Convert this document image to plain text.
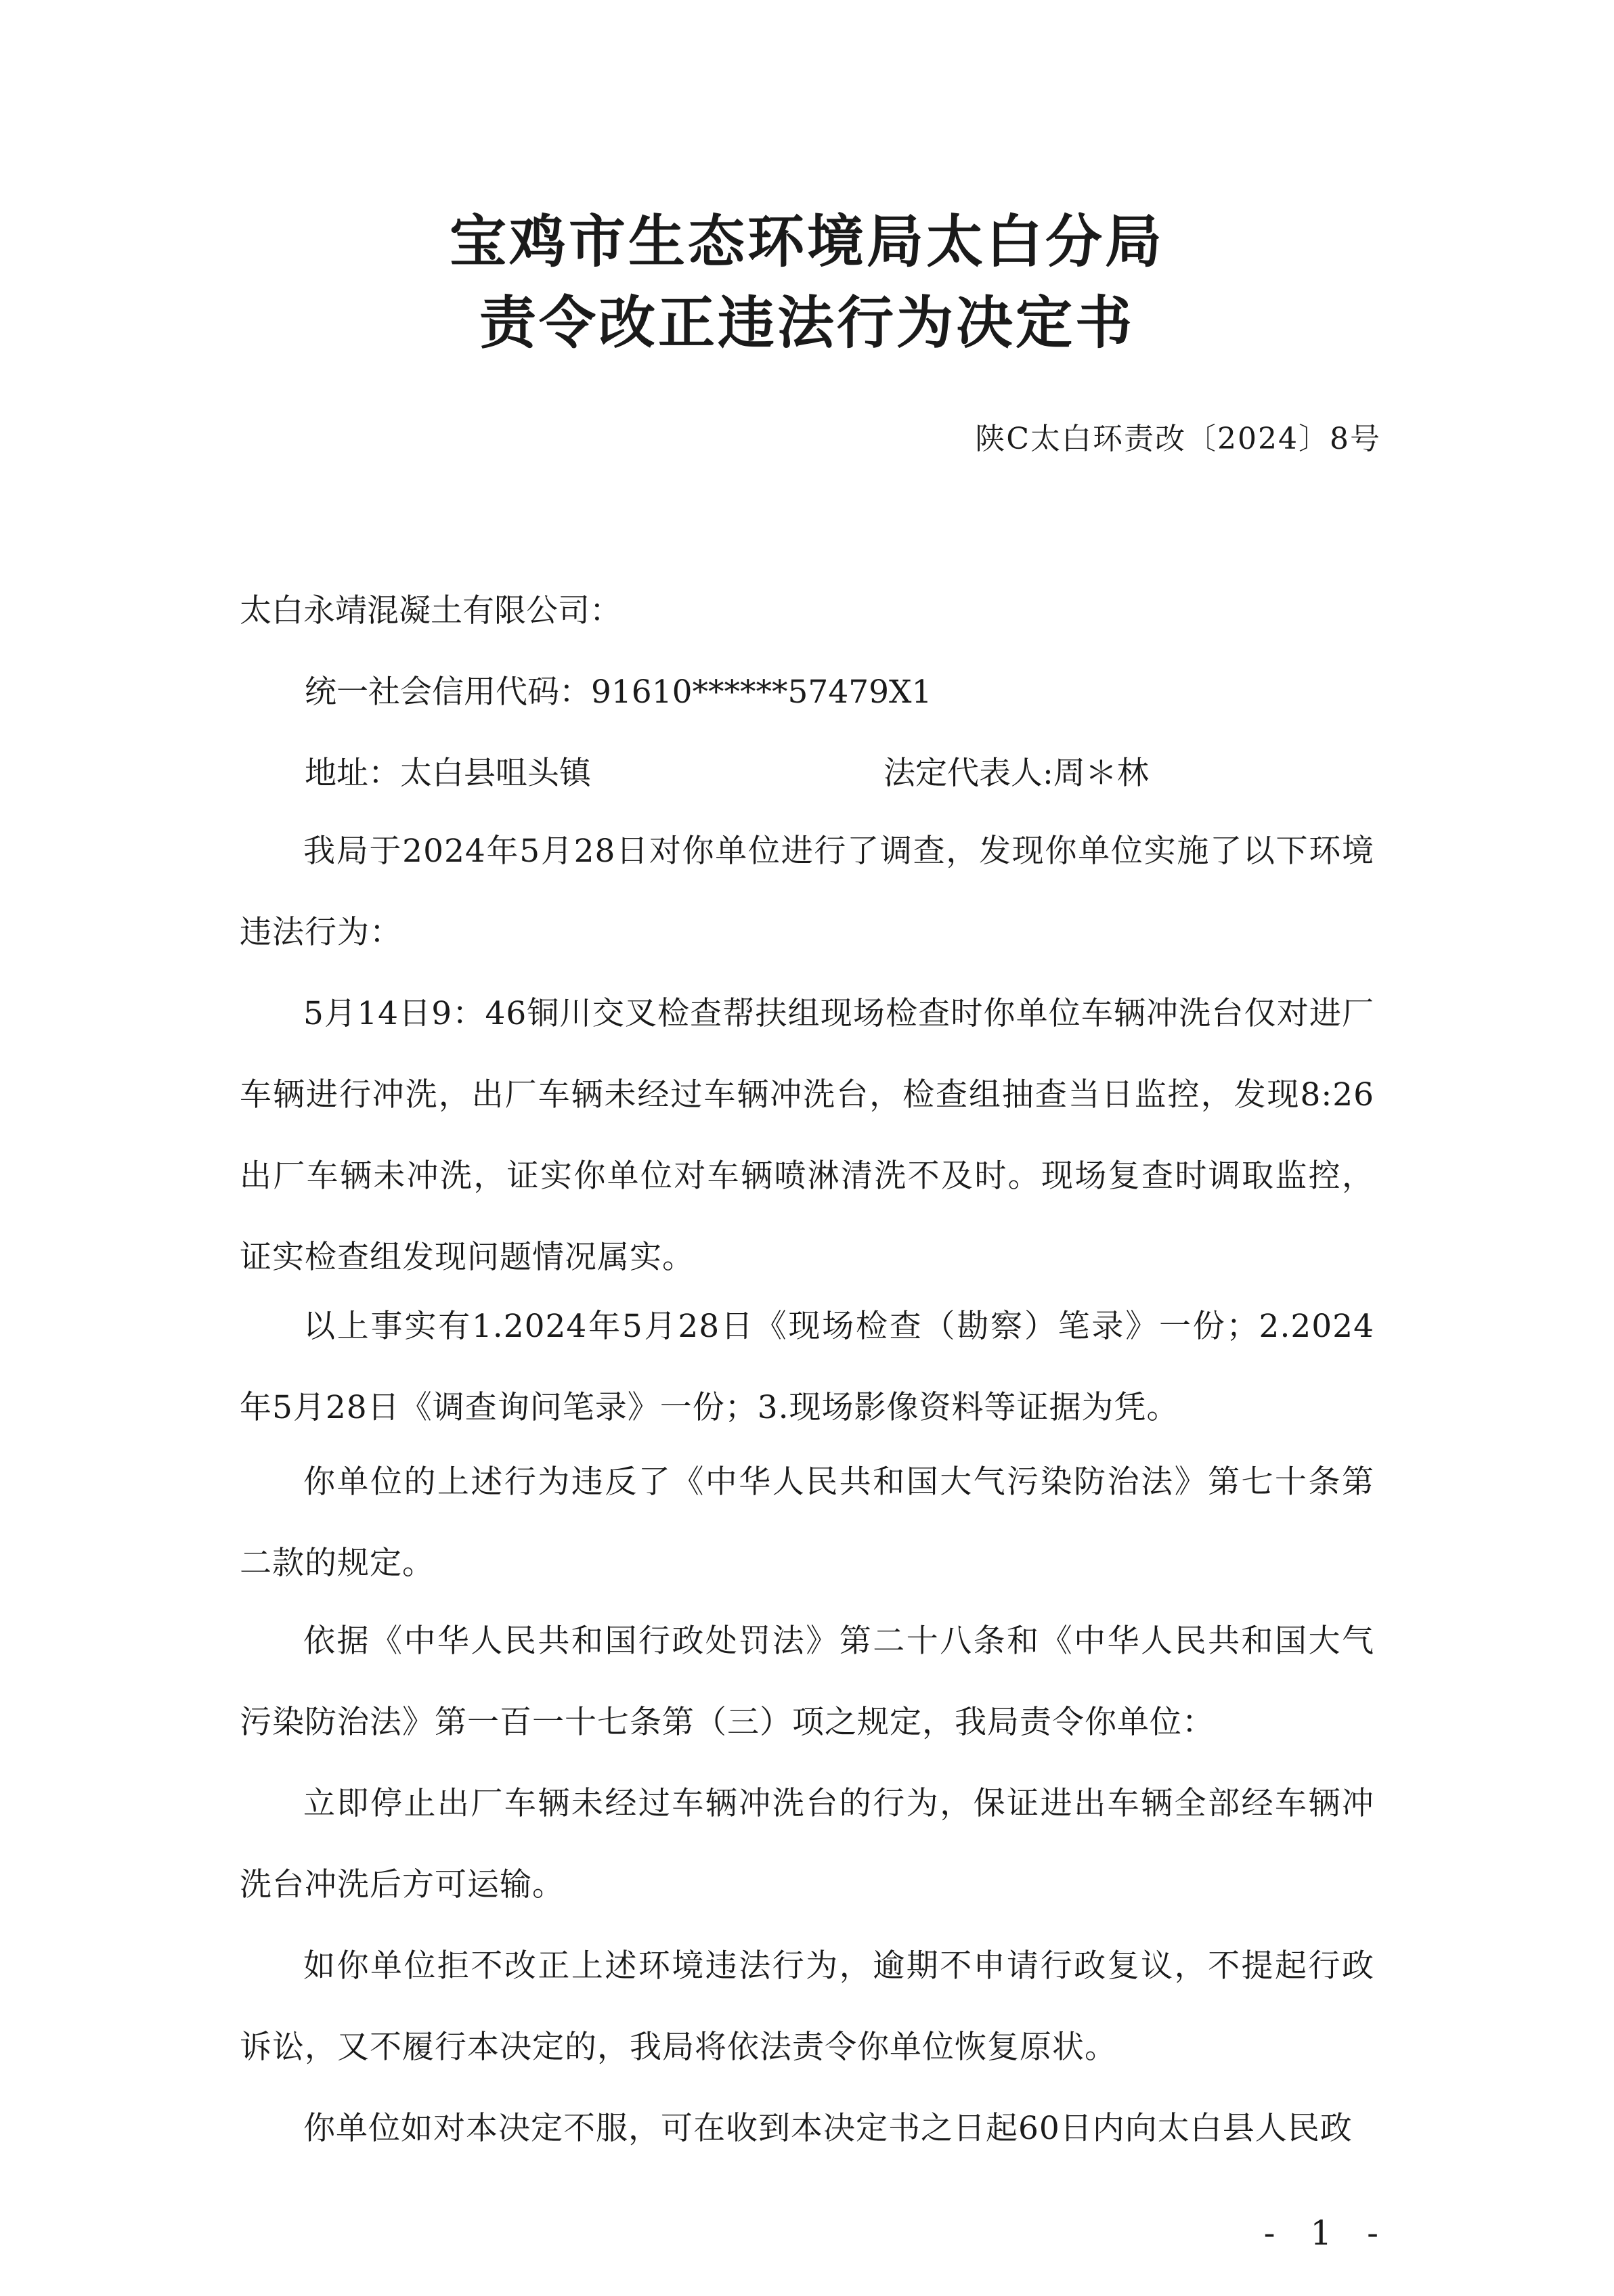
宝鸡市生态环境局太白分局
责令改正违法行为决定书
陕C太白环责改〔2024〕8号
太白永靖混凝土有限公司：
统一社会信用代码：91610******57479X1
地址：太白县咀头镇	法定代表人:周＊林

我局于2024年5月28日对你单位进行了调查，发现你单位实施了以下环境违法行为：

5月14日9：46铜川交叉检查帮扶组现场检查时你单位车辆冲洗台仅对进厂车辆进行冲洗，出厂车辆未经过车辆冲洗台，检查组抽查当日监控，发现8:26出厂车辆未冲洗，证实你单位对车辆喷淋清洗不及时。现场复查时调取监控，证实检查组发现问题情况属实。

以上事实有1.2024年5月28日《现场检查（勘察）笔录》一份；2.2024年5月28日《调查询问笔录》一份；3.现场影像资料等证据为凭。

你单位的上述行为违反了《中华人民共和国大气污染防治法》第七十条第二款的规定。

依据《中华人民共和国行政处罚法》第二十八条和《中华人民共和国大气污染防治法》第一百一十七条第（三）项之规定，我局责令你单位：

立即停止出厂车辆未经过车辆冲洗台的行为，保证进出车辆全部经车辆冲洗台冲洗后方可运输。

如你单位拒不改正上述环境违法行为，逾期不申请行政复议，不提起行政诉讼，又不履行本决定的，我局将依法责令你单位恢复原状。

你单位如对本决定不服，可在收到本决定书之日起60日内向太白县人民政

- 1 -
